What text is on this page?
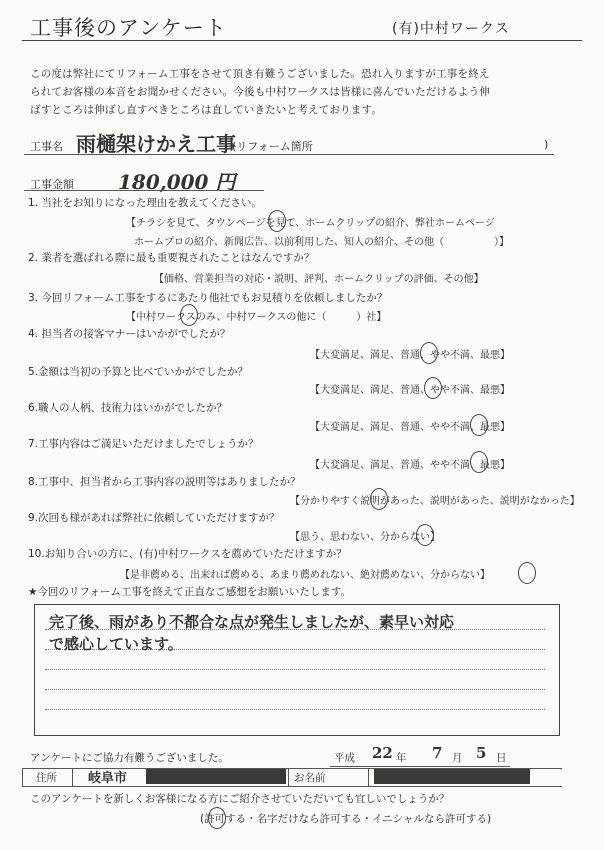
工事後のアンケート	(有)中村ワークス
この度は弊社にてリフォーム工事をさせて頂き有難うございました。恐れ入りますが工事を終え
られてお客様の本音をお聞かせください。今後も中村ワークスは皆様に喜んでいただけるよう伸
ばすところは伸ばし直すべきところは直していきたいと考えております。
工事名 雨樋架けかえ工事
(リフォーム箇所	)
工事金額 180,000 円
1. 当社をお知りになった理由を教えてください。
【チラシを見て、タウンページを見て、ホームクリップの紹介、弊社ホームページ
ホームプロの紹介、新聞広告、以前利用した、知人の紹介、その他（　　　　　）】
2. 業者を選ばれる際に最も重要視されたことはなんですか？
【価格、営業担当の対応・説明、評判、ホームクリップの評価、その他】
3. 今回リフォーム工事をするにあたり他社でもお見積りを依頼しましたか？
【中村ワークスのみ、中村ワークスの他に（　　　）社】
4. 担当者の接客マナーはいかがでしたか？
【大変満足、満足、普通、やや不満、最悪】
5.金額は当初の予算と比べていかがでしたか？
【大変満足、満足、普通、やや不満、最悪】
6.職人の人柄、技術力はいかがでしたか？
【大変満足、満足、普通、やや不満、最悪】
7.工事内容はご満足いただけましたでしょうか？
【大変満足、満足、普通、やや不満、最悪】
8.工事中、担当者から工事内容の説明等はありましたか？
【分かりやすく説明があった、説明があった、説明がなかった】
9.次回も様があれば弊社に依頼していただけますか？
【思う、思わない、分からない】
10.お知り合いの方に、(有)中村ワークスを薦めていただけますか？
【是非薦める、出来れば薦める、あまり薦めれない、絶対薦めない、分からない】
★今回のリフォーム工事を終えて正直なご感想をお願いいたします。
完了後、雨があり不都合な点が発生しましたが、素早い対応
で感心しています。
アンケートにご協力有難うございました。	平成 22 年 7 月 5 日
住所 岐阜市	お名前
このアンケートを新しくお客様になる方にご紹介させていただいても宜しいでしょうか？
(許可する・名字だけなら許可する・イニシャルなら許可する)
